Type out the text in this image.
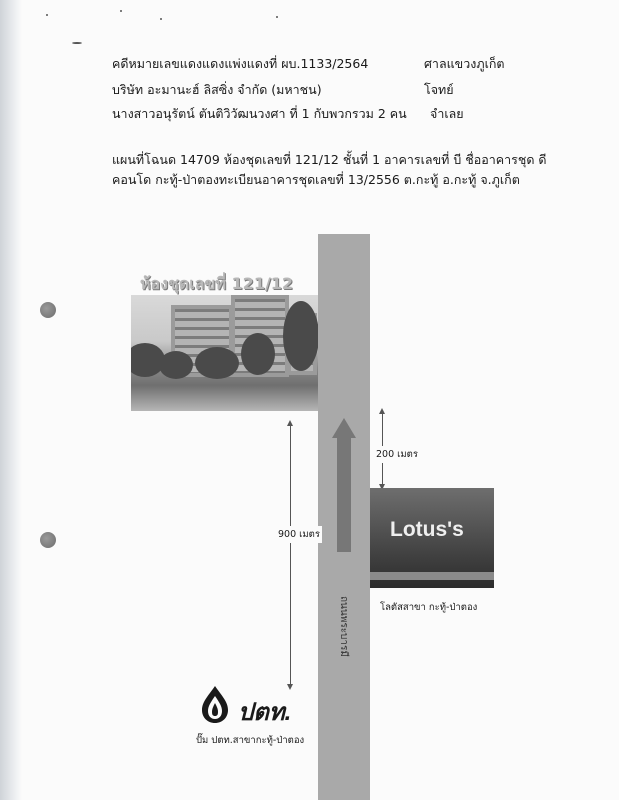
คดีหมายเลขแดงแดงแพ่งแดงที่ ผบ.1133/2564	ศาลแขวงภูเก็ต
บริษัท อะมานะฮ์ ลิสซิ่ง จำกัด (มหาชน)	โจทย์
นางสาวอนุรัตน์ ตันติวิวัฒนวงศา ที่ 1 กับพวกรวม 2 คน จำเลย
แผนที่โฉนด 14709 ห้องชุดเลขที่ 121/12 ชั้นที่ 1 อาคารเลขที่ บี ชื่ออาคารชุด ดี
คอนโด กะทู้-ป่าตองทะเบียนอาคารชุดเลขที่ 13/2556 ต.กะทู้ อ.กะทู้ จ.ภูเก็ต
ถนนพระบารมี
ห้องชุดเลขที่ 121/12
900 เมตร
200 เมตร
Lotus's
โลตัสสาขา กะทู้-ป่าตอง
ปตท.
ปั๊ม ปตท.สาขากะทู้-ป่าตอง
